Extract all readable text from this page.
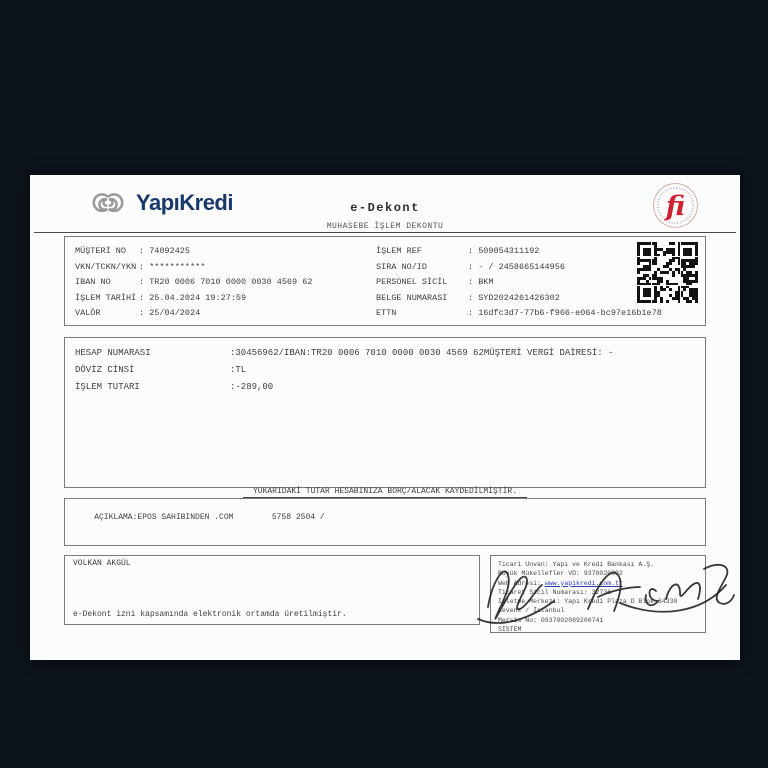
YapıKredi	e-Dekont
MUHASEBE İŞLEM DEKONTU
fi
MÜŞTERİ NO	: 74092425
VKN/TCKN/YKN : ***********
IBAN NO	: TR20 0006 7010 0000 0030 4569 62
İŞLEM TARİHİ : 25.04.2024 19:27:59
VALÖR	: 25/04/2024
İŞLEM REF	: 509054311192
SIRA NO/ID	: - / 2458665144956
PERSONEL SİCİL	: BKM
BELGE NUMARASI	: SYD2024261426302
ETTN	: 16dfc3d7-77b6-f966-e064-bc97e16b1e78
HESAP NUMARASI	:30456962/IBAN:TR20 0006 7010 0000 0030 4569 62MÜŞTERİ VERGİ DAİRESİ: -
DÖVİZ CİNSİ	:TL
İŞLEM TUTARI	:-289,00
YUKARIDAKİ TUTAR HESABINIZA BORÇ/ALACAK KAYDEDİLMİŞTİR.

AÇIKLAMA:EPOS SAHIBINDEN .COM        5758 2504 /

VOLKAN AKGÜL
e-Dekont izni kapsamında elektronik ortamda üretilmiştir.
Ticari Unvan: Yapı ve Kredi Bankası A.Ş.
Büyük Mükellefler VD: 9370020892
Web Adresi: www.yapikredi.com.tr
Ticaret Sicil Numarası: 32736
İşletme Merkezi: Yapı Kredi Plaza D Blok 34330
Levent / İstanbul
Mersis No: 0937002089200741
SİSTEM
